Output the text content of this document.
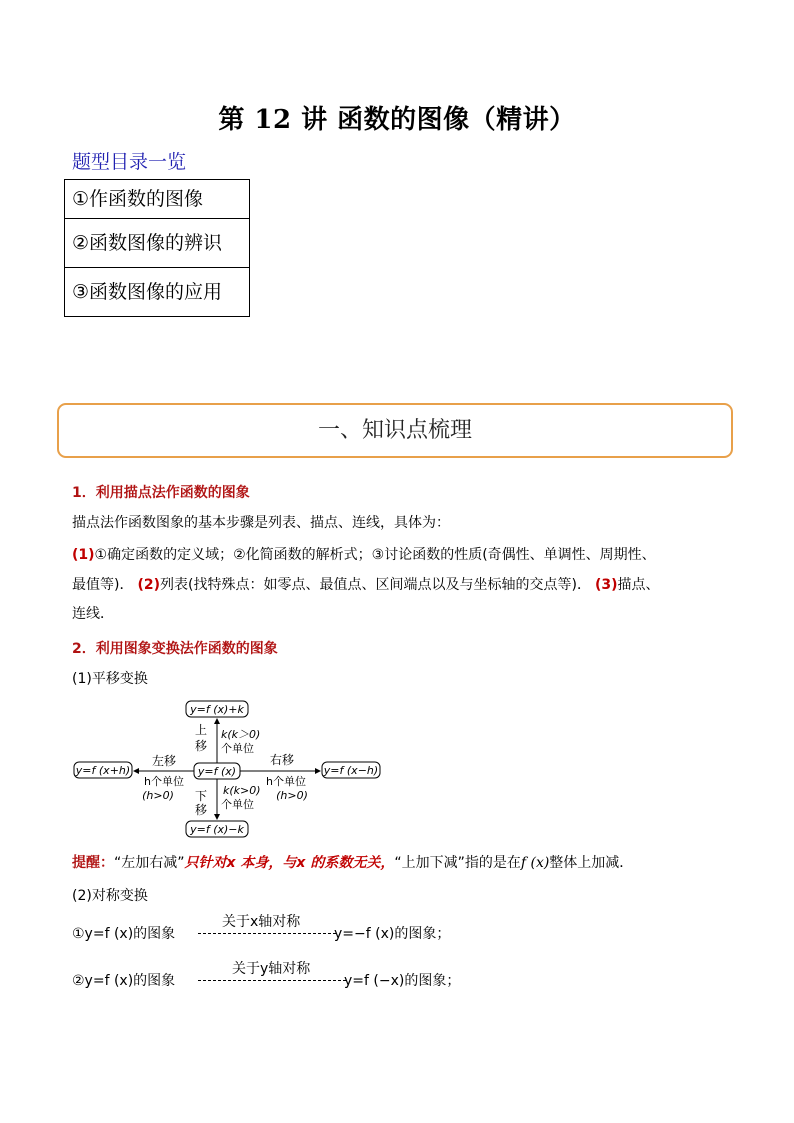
第 12 讲 函数的图像（精讲）
题型目录一览
①作函数的图像
②函数图像的辨识
③函数图像的应用
一、知识点梳理
1．利用描点法作函数的图象
描点法作函数图象的基本步骤是列表、描点、连线，具体为：
(1)①确定函数的定义域；②化简函数的解析式；③讨论函数的性质(奇偶性、单调性、周期性、
最值等)． (2)列表(找特殊点：如零点、最值点、区间端点以及与坐标轴的交点等)． (3)描点、
连线．
2．利用图象变换法作函数的图象
(1)平移变换
y=f (x)+k
y=f (x+h)	y=f (x)	y=f (x−h)
y=f (x)−k
上
移
k(k＞0)
个单位
下
移
k(k>0)
个单位
左移
h个单位
(h>0)
右移
h个单位
(h>0)
提醒：“左加右减”只针对x 本身，与x 的系数无关，“上加下减”指的是在f (x)整体上加减．
(2)对称变换
①y=f (x)的图象
关于x轴对称
y=−f (x)的图象；
②y=f (x)的图象
关于y轴对称
y=f (−x)的图象；
